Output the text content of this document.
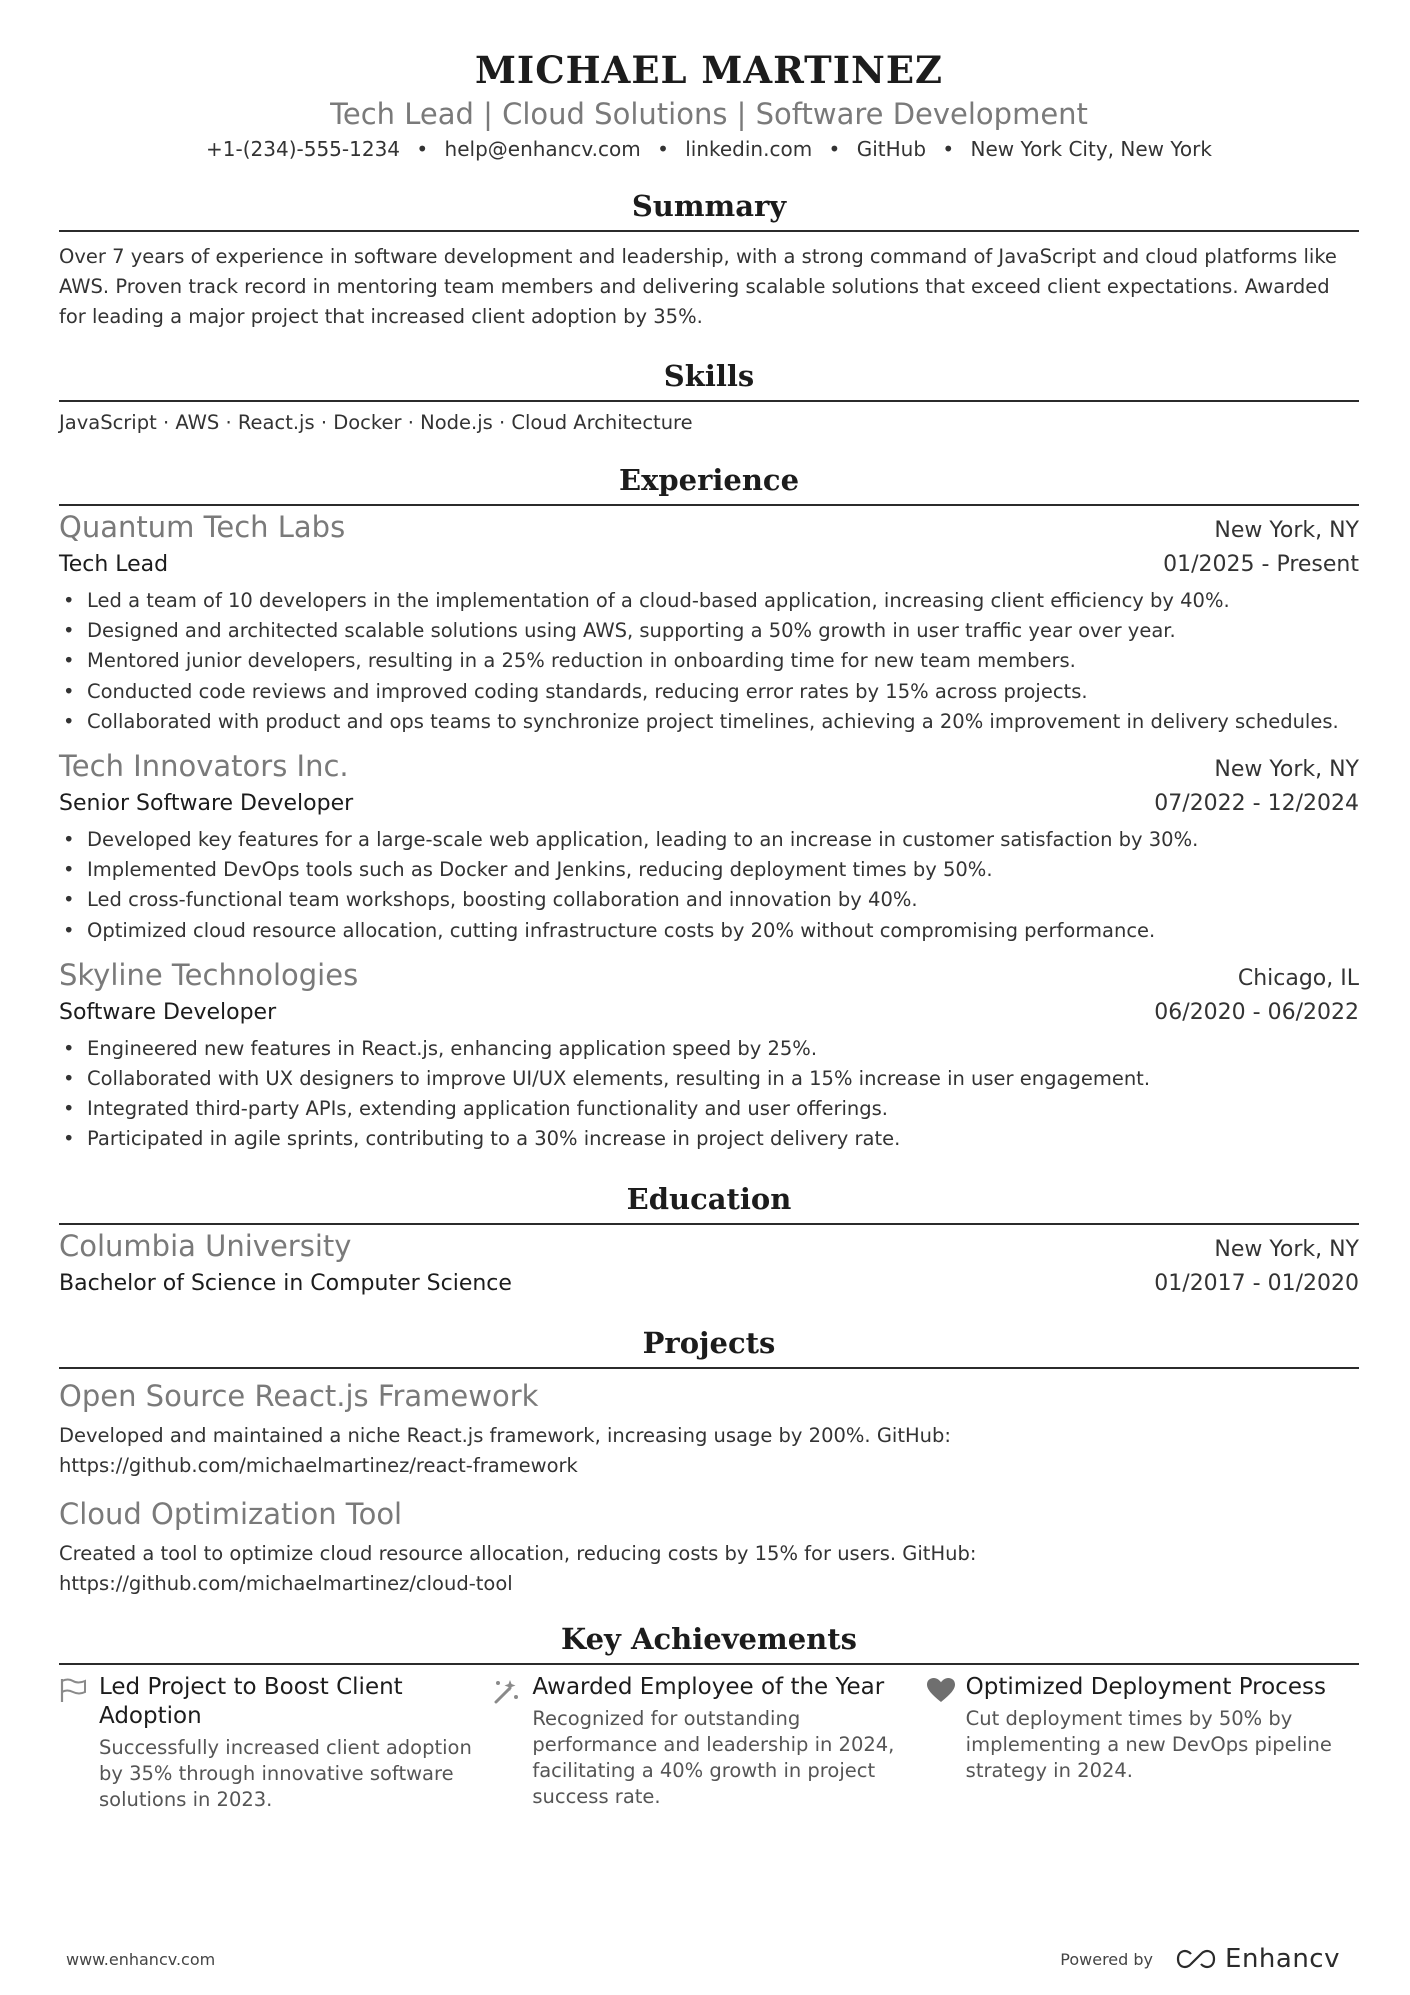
MICHAEL MARTINEZ
Tech Lead | Cloud Solutions | Software Development
+1-(234)-555-1234 • help@enhancv.com • linkedin.com • GitHub • New York City, New York
Summary
Over 7 years of experience in software development and leadership, with a strong command of JavaScript and cloud platforms like AWS. Proven track record in mentoring team members and delivering scalable solutions that exceed client expectations. Awarded for leading a major project that increased client adoption by 35%.
Skills
JavaScript · AWS · React.js · Docker · Node.js · Cloud Architecture
Experience
Quantum Tech Labs	New York, NY
Tech Lead	01/2025 - Present
• Led a team of 10 developers in the implementation of a cloud-based application, increasing client efficiency by 40%.
• Designed and architected scalable solutions using AWS, supporting a 50% growth in user traffic year over year.
• Mentored junior developers, resulting in a 25% reduction in onboarding time for new team members.
• Conducted code reviews and improved coding standards, reducing error rates by 15% across projects.
• Collaborated with product and ops teams to synchronize project timelines, achieving a 20% improvement in delivery schedules.
Tech Innovators Inc.	New York, NY
Senior Software Developer	07/2022 - 12/2024
• Developed key features for a large-scale web application, leading to an increase in customer satisfaction by 30%.
• Implemented DevOps tools such as Docker and Jenkins, reducing deployment times by 50%.
• Led cross-functional team workshops, boosting collaboration and innovation by 40%.
• Optimized cloud resource allocation, cutting infrastructure costs by 20% without compromising performance.
Skyline Technologies	Chicago, IL
Software Developer	06/2020 - 06/2022
• Engineered new features in React.js, enhancing application speed by 25%.
• Collaborated with UX designers to improve UI/UX elements, resulting in a 15% increase in user engagement.
• Integrated third-party APIs, extending application functionality and user offerings.
• Participated in agile sprints, contributing to a 30% increase in project delivery rate.
Education
Columbia University	New York, NY
Bachelor of Science in Computer Science	01/2017 - 01/2020
Projects
Open Source React.js Framework
Developed and maintained a niche React.js framework, increasing usage by 200%. GitHub: https://github.com/michaelmartinez/react-framework
Cloud Optimization Tool
Created a tool to optimize cloud resource allocation, reducing costs by 15% for users. GitHub: https://github.com/michaelmartinez/cloud-tool
Key Achievements
Led Project to Boost Client Adoption
Successfully increased client adoption by 35% through innovative software solutions in 2023.
Awarded Employee of the Year
Recognized for outstanding performance and leadership in 2024, facilitating a 40% growth in project success rate.
Optimized Deployment Process
Cut deployment times by 50% by implementing a new DevOps pipeline strategy in 2024.
www.enhancv.com	Powered by	Enhancv
